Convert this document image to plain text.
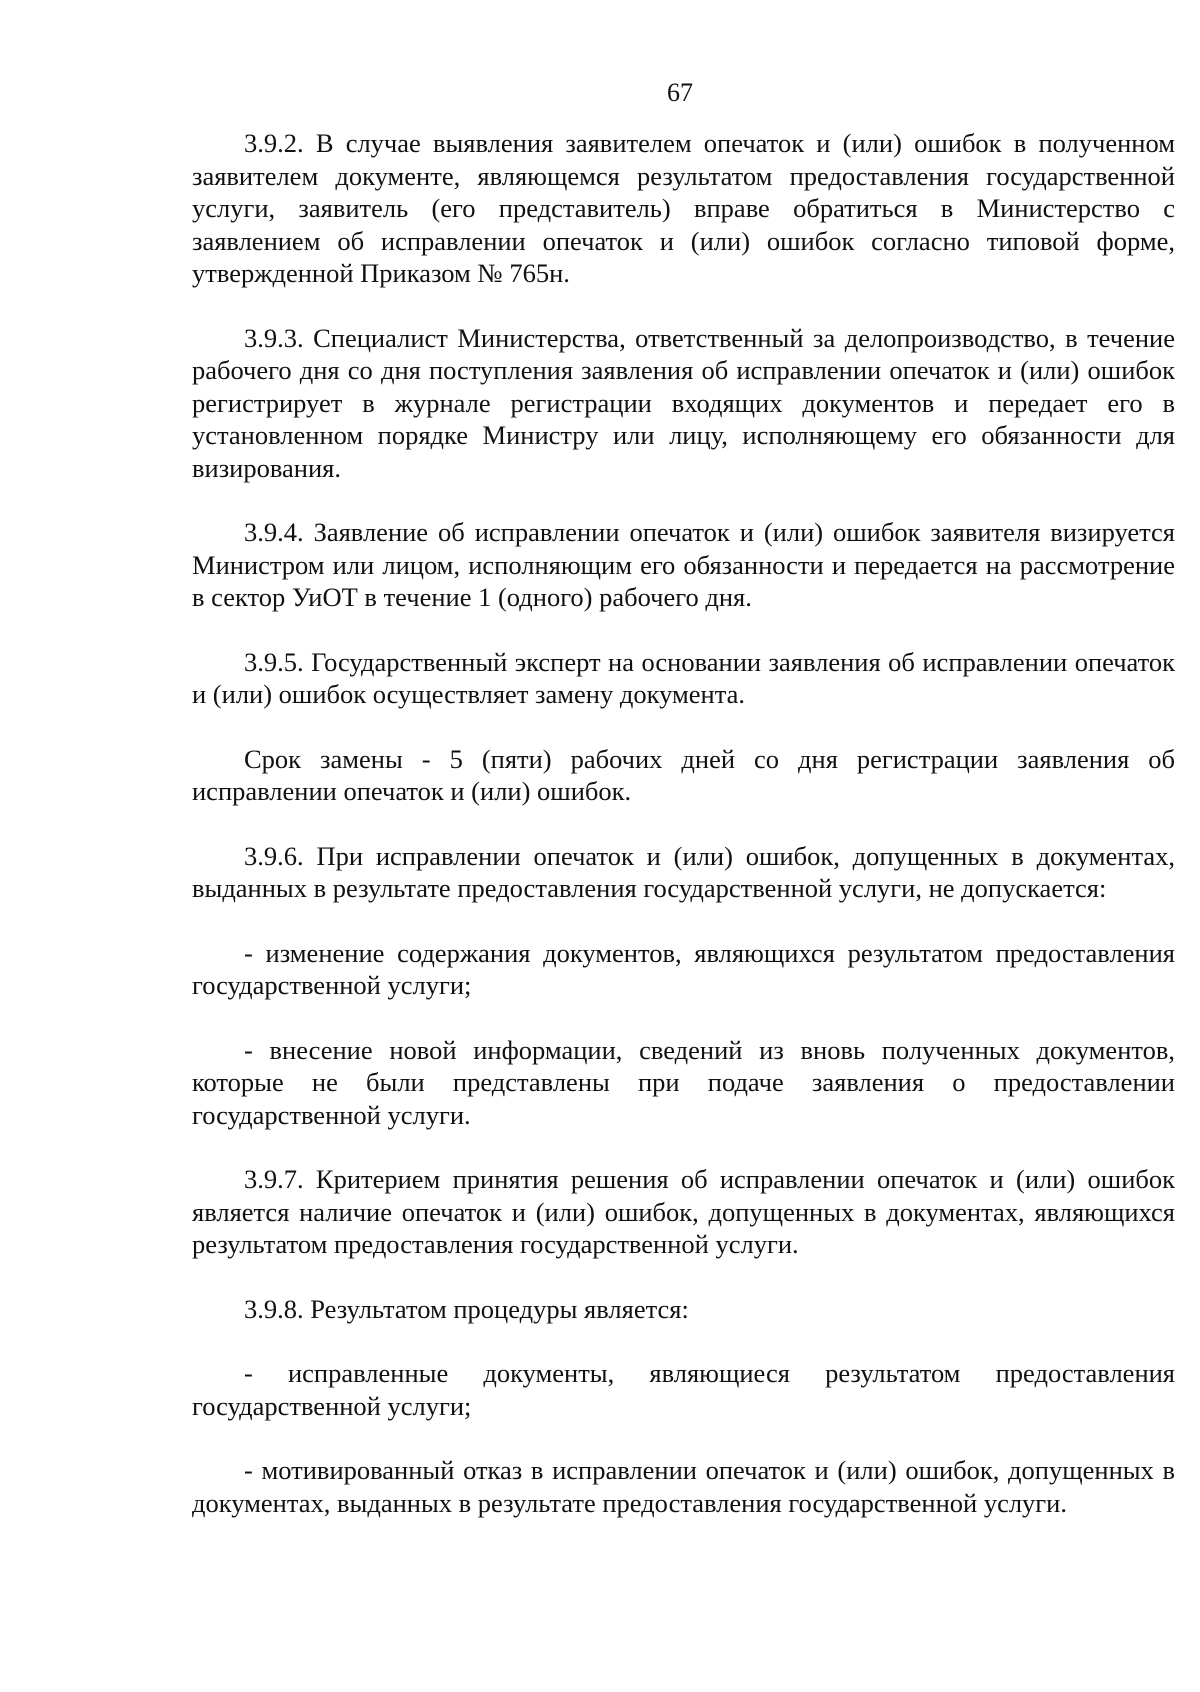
67

3.9.2. В случае выявления заявителем опечаток и (или) ошибок в полученном заявителем документе, являющемся результатом предоставления государственной услуги, заявитель (его представитель) вправе обратиться в Министерство с заявлением об исправлении опечаток и (или) ошибок согласно типовой форме, утвержденной Приказом № 765н.

3.9.3. Специалист Министерства, ответственный за делопроизводство, в течение рабочего дня со дня поступления заявления об исправлении опечаток и (или) ошибок регистрирует в журнале регистрации входящих документов и передает его в установленном порядке Министру или лицу, исполняющему его обязанности для визирования.

3.9.4. Заявление об исправлении опечаток и (или) ошибок заявителя визируется Министром или лицом, исполняющим его обязанности и передается на рассмотрение в сектор УиОТ в течение 1 (одного) рабочего дня.

3.9.5. Государственный эксперт на основании заявления об исправлении опечаток и (или) ошибок осуществляет замену документа.

Срок замены - 5 (пяти) рабочих дней со дня регистрации заявления об исправлении опечаток и (или) ошибок.

3.9.6. При исправлении опечаток и (или) ошибок, допущенных в документах, выданных в результате предоставления государственной услуги, не допускается:

- изменение содержания документов, являющихся результатом предоставления государственной услуги;

- внесение новой информации, сведений из вновь полученных документов, которые не были представлены при подаче заявления о предоставлении государственной услуги.

3.9.7. Критерием принятия решения об исправлении опечаток и (или) ошибок является наличие опечаток и (или) ошибок, допущенных в документах, являющихся результатом предоставления государственной услуги.

3.9.8. Результатом процедуры является:

- исправленные документы, являющиеся результатом предоставления государственной услуги;

- мотивированный отказ в исправлении опечаток и (или) ошибок, допущенных в документах, выданных в результате предоставления государственной услуги.
